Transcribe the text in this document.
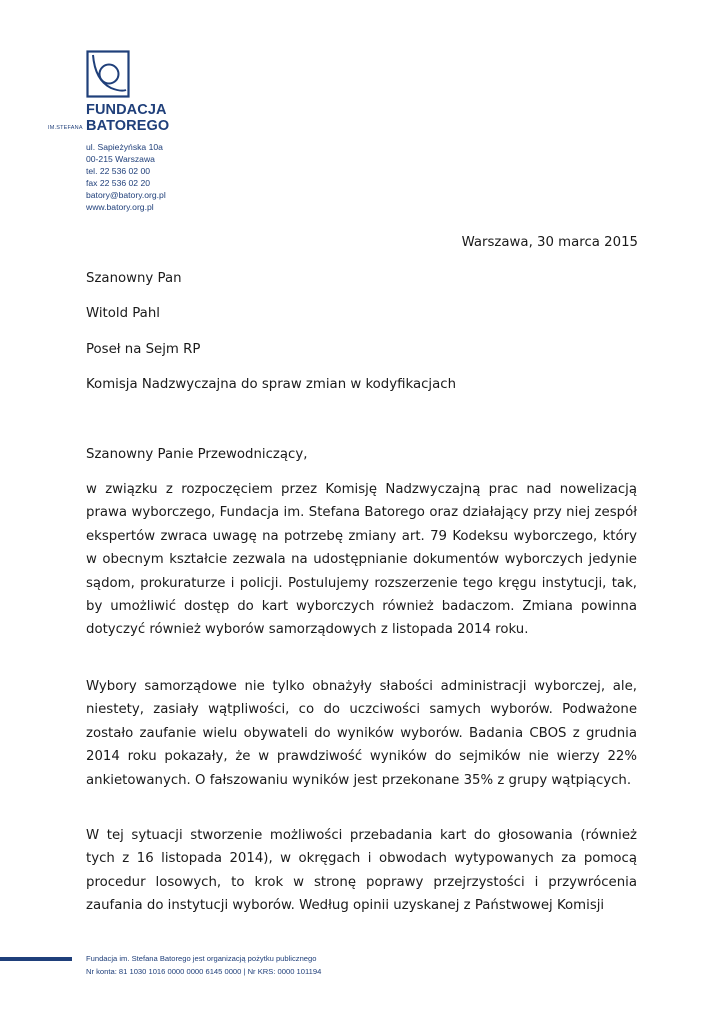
IM.STEFANA
FUNDACJA
BATOREGO
ul. Sapieżyńska 10a
00-215 Warszawa
tel. 22 536 02 00
fax 22 536 02 20
batory@batory.org.pl
www.batory.org.pl
Warszawa, 30 marca 2015
Szanowny Pan
Witold Pahl
Poseł na Sejm RP
Komisja Nadzwyczajna do spraw zmian w kodyfikacjach
Szanowny Panie Przewodniczący,

w związku z rozpoczęciem przez Komisję Nadzwyczajną prac nad nowelizacją prawa wyborczego, Fundacja im. Stefana Batorego oraz działający przy niej zespół ekspertów zwraca uwagę na potrzebę zmiany art. 79 Kodeksu wyborczego, który w obecnym kształcie zezwala na udostępnianie dokumentów wyborczych jedynie sądom, prokuraturze i policji. Postulujemy rozszerzenie tego kręgu instytucji, tak, by umożliwić dostęp do kart wyborczych również badaczom. Zmiana powinna dotyczyć również wyborów samorządowych z listopada 2014 roku.

Wybory samorządowe nie tylko obnażyły słabości administracji wyborczej, ale, niestety, zasiały wątpliwości, co do uczciwości samych wyborów. Podważone zostało zaufanie wielu obywateli do wyników wyborów. Badania CBOS z grudnia 2014 roku pokazały, że w prawdziwość wyników do sejmików nie wierzy 22% ankietowanych. O fałszowaniu wyników jest przekonane 35% z grupy wątpiących.

W tej sytuacji stworzenie możliwości przebadania kart do głosowania (również tych z 16 listopada 2014), w okręgach i obwodach wytypowanych za pomocą procedur losowych, to krok w stronę poprawy przejrzystości i przywrócenia zaufania do instytucji wyborów. Według opinii uzyskanej z Państwowej Komisji

Fundacja im. Stefana Batorego jest organizacją pożytku publicznego
Nr konta: 81 1030 1016 0000 0000 6145 0000 | Nr KRS: 0000 101194
